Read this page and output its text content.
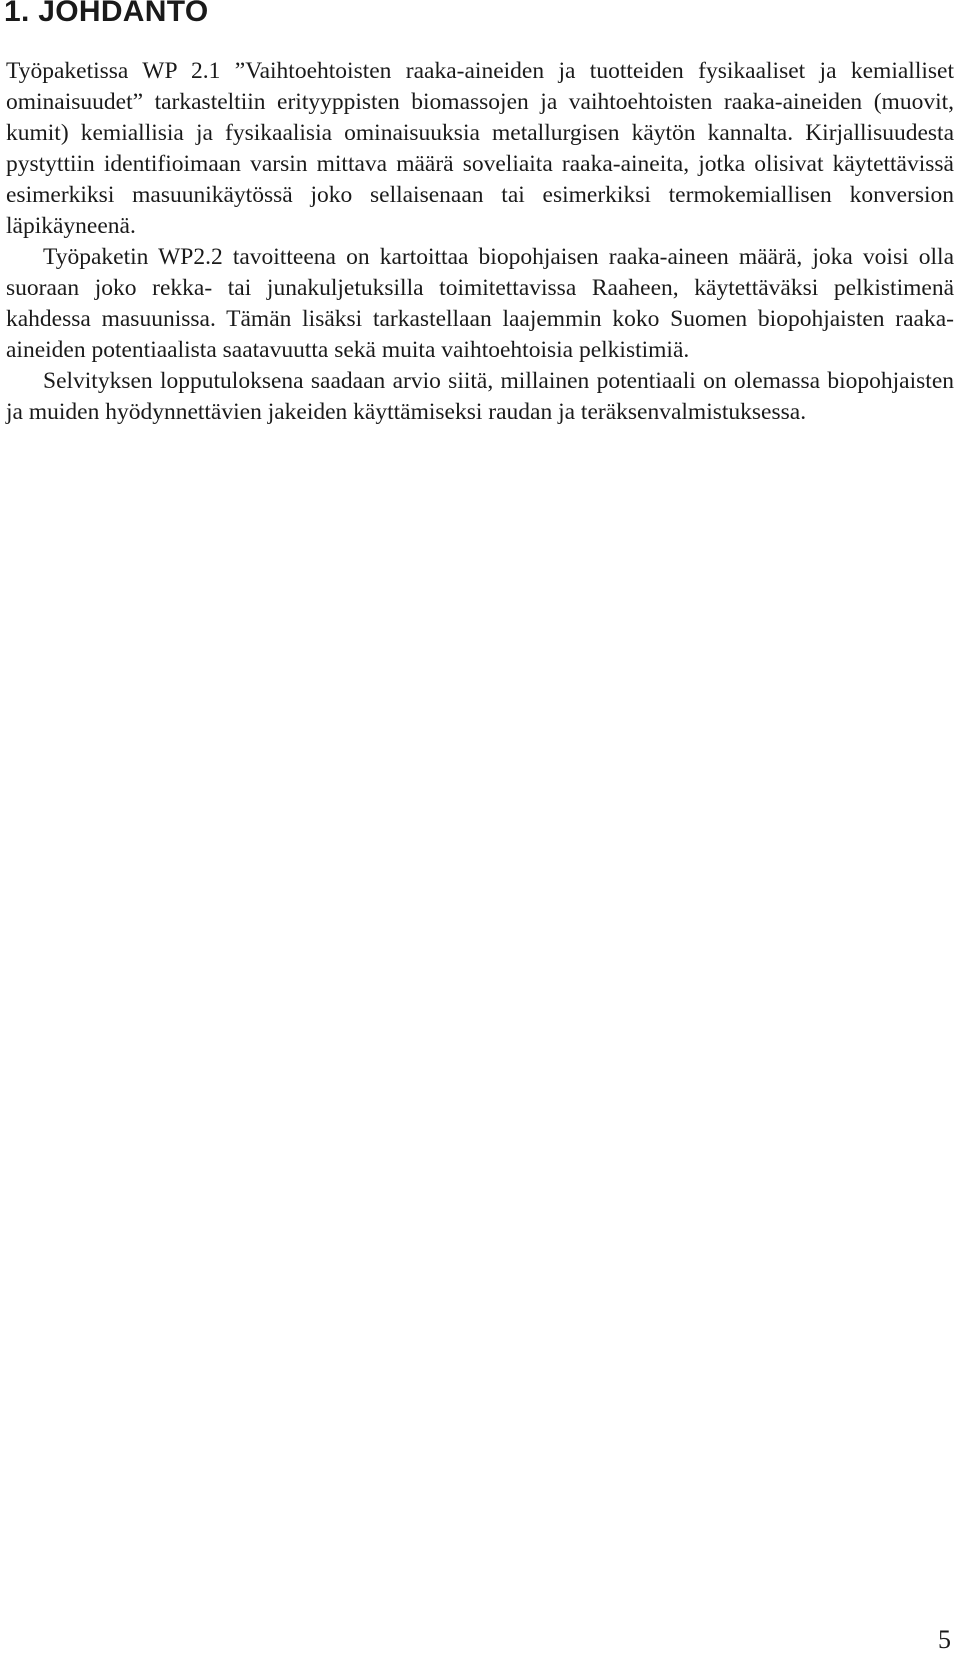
1. JOHDANTO

Työpaketissa WP 2.1 ”Vaihtoehtoisten raaka-aineiden ja tuotteiden fysikaaliset ja kemialliset ominaisuudet” tarkasteltiin erityyppisten biomassojen ja vaihtoehtoisten raaka-aineiden (muovit, kumit) kemiallisia ja fysikaalisia ominaisuuksia metallurgisen käytön kannalta. Kirjallisuudesta pystyttiin identifioimaan varsin mittava määrä soveliaita raaka-aineita, jotka olisivat käytettävissä esimerkiksi masuunikäytössä joko sellaisenaan tai esimerkiksi termokemiallisen konversion läpikäyneenä.

Työpaketin WP2.2 tavoitteena on kartoittaa biopohjaisen raaka-aineen määrä, joka voisi olla suoraan joko rekka- tai junakuljetuksilla toimitettavissa Raaheen, käytettäväksi pelkistimenä kahdessa masuunissa. Tämän lisäksi tarkastellaan laajemmin koko Suomen biopohjaisten raaka-aineiden potentiaalista saatavuutta sekä muita vaihtoehtoisia pelkistimiä.

Selvityksen lopputuloksena saadaan arvio siitä, millainen potentiaali on olemassa biopohjaisten ja muiden hyödynnettävien jakeiden käyttämiseksi raudan ja teräksenvalmistuksessa.

5
